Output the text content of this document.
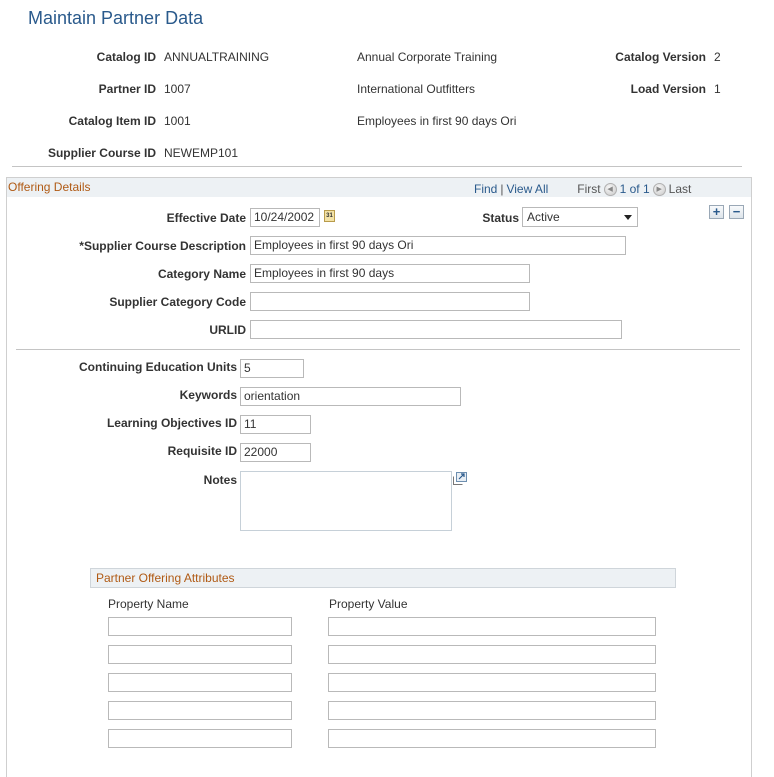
Maintain Partner Data
Catalog ID ANNUALTRAINING	Annual Corporate Training	Catalog Version 2
Partner ID 1007	International Outfitters	Load Version 1
Catalog Item ID 1001	Employees in first 90 days Ori
Supplier Course ID NEWEMP101
Offering Details	Find | View All First ◀ 1 of 1 ▶ Last
+ −
Effective Date 10/24/2002	31	Status Active
*Supplier Course Description Employees in first 90 days Ori
Category Name Employees in first 90 days
Supplier Category Code
URLID
Continuing Education Units 5
Keywords orientation
Learning Objectives ID 11
Requisite ID 22000
Notes
Partner Offering Attributes
Property Name	Property Value
